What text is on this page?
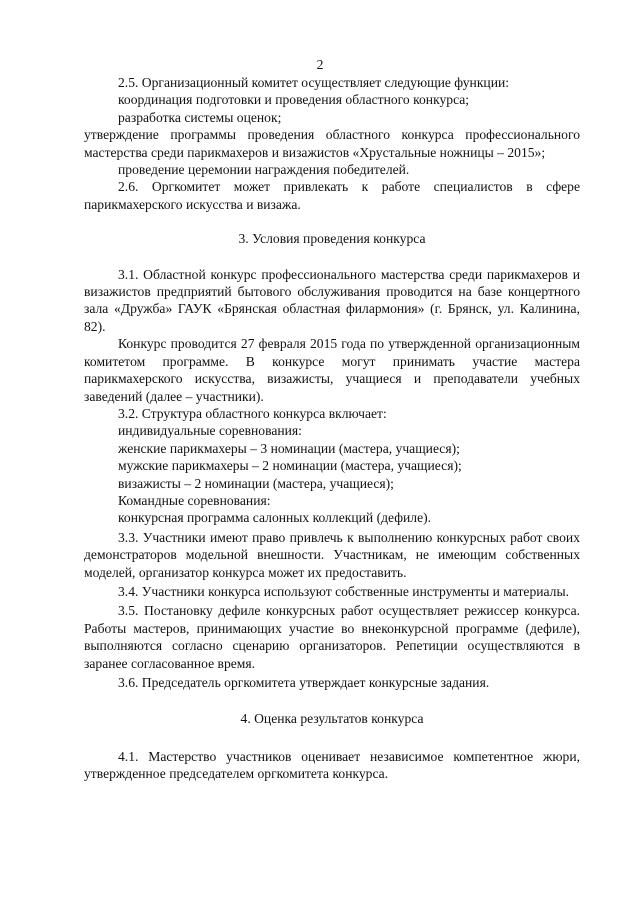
2

2.5. Организационный комитет осуществляет следующие функции:

координация подготовки и проведения областного конкурса;

разработка системы оценок;

утверждение программы проведения областного конкурса профессионального мастерства среди парикмахеров и визажистов «Хрустальные ножницы – 2015»;

проведение церемонии награждения победителей.

2.6. Оргкомитет может привлекать к работе специалистов в сфере парикмахерского искусства и визажа.

3. Условия проведения конкурса

3.1. Областной конкурс профессионального мастерства среди парикмахеров и визажистов предприятий бытового обслуживания проводится на базе концертного зала «Дружба» ГАУК «Брянская областная филармония» (г. Брянск, ул. Калинина, 82).

Конкурс проводится 27 февраля 2015 года по утвержденной организационным комитетом программе. В конкурсе могут принимать участие мастера парикмахерского искусства, визажисты, учащиеся и преподаватели учебных заведений (далее – участники).

3.2. Структура областного конкурса включает:

индивидуальные соревнования:

женские парикмахеры – 3 номинации (мастера, учащиеся);

мужские парикмахеры – 2 номинации (мастера, учащиеся);

визажисты – 2 номинации (мастера, учащиеся);

Командные соревнования:

конкурсная программа салонных коллекций (дефиле).

3.3. Участники имеют право привлечь к выполнению конкурсных работ своих демонстраторов модельной внешности. Участникам, не имеющим собственных моделей, организатор конкурса может их предоставить.

3.4. Участники конкурса используют собственные инструменты и материалы.

3.5. Постановку дефиле конкурсных работ осуществляет режиссер конкурса. Работы мастеров, принимающих участие во внеконкурсной программе (дефиле), выполняются согласно сценарию организаторов. Репетиции осуществляются в заранее согласованное время.

3.6. Председатель оргкомитета утверждает конкурсные задания.

4. Оценка результатов конкурса

4.1. Мастерство участников оценивает независимое компетентное жюри, утвержденное председателем оргкомитета конкурса.
